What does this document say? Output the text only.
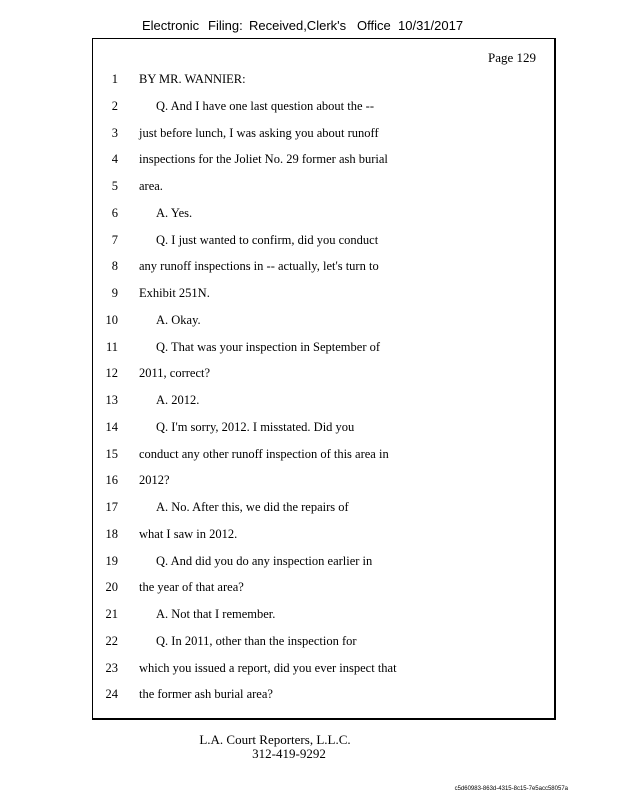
Electronic Filing: Received,Clerk's Office 10/31/2017
Page 129
1 BY MR. WANNIER:
2	Q. And I have one last question about the --
3 just before lunch, I was asking you about runoff
4 inspections for the Joliet No. 29 former ash burial
5 area.
6	A. Yes.
7	Q. I just wanted to confirm, did you conduct
8 any runoff inspections in -- actually, let's turn to
9 Exhibit 251N.
10	A. Okay.
11	Q. That was your inspection in September of
12 2011, correct?
13	A. 2012.
14	Q. I'm sorry, 2012. I misstated. Did you
15 conduct any other runoff inspection of this area in
16 2012?
17	A. No. After this, we did the repairs of
18 what I saw in 2012.
19	Q. And did you do any inspection earlier in
20 the year of that area?
21	A. Not that I remember.
22	Q. In 2011, other than the inspection for
23 which you issued a report, did you ever inspect that
24 the former ash burial area?
L.A. Court Reporters, L.L.C.
312-419-9292
c5d60983-863d-4315-8c15-7e5acc58057a
